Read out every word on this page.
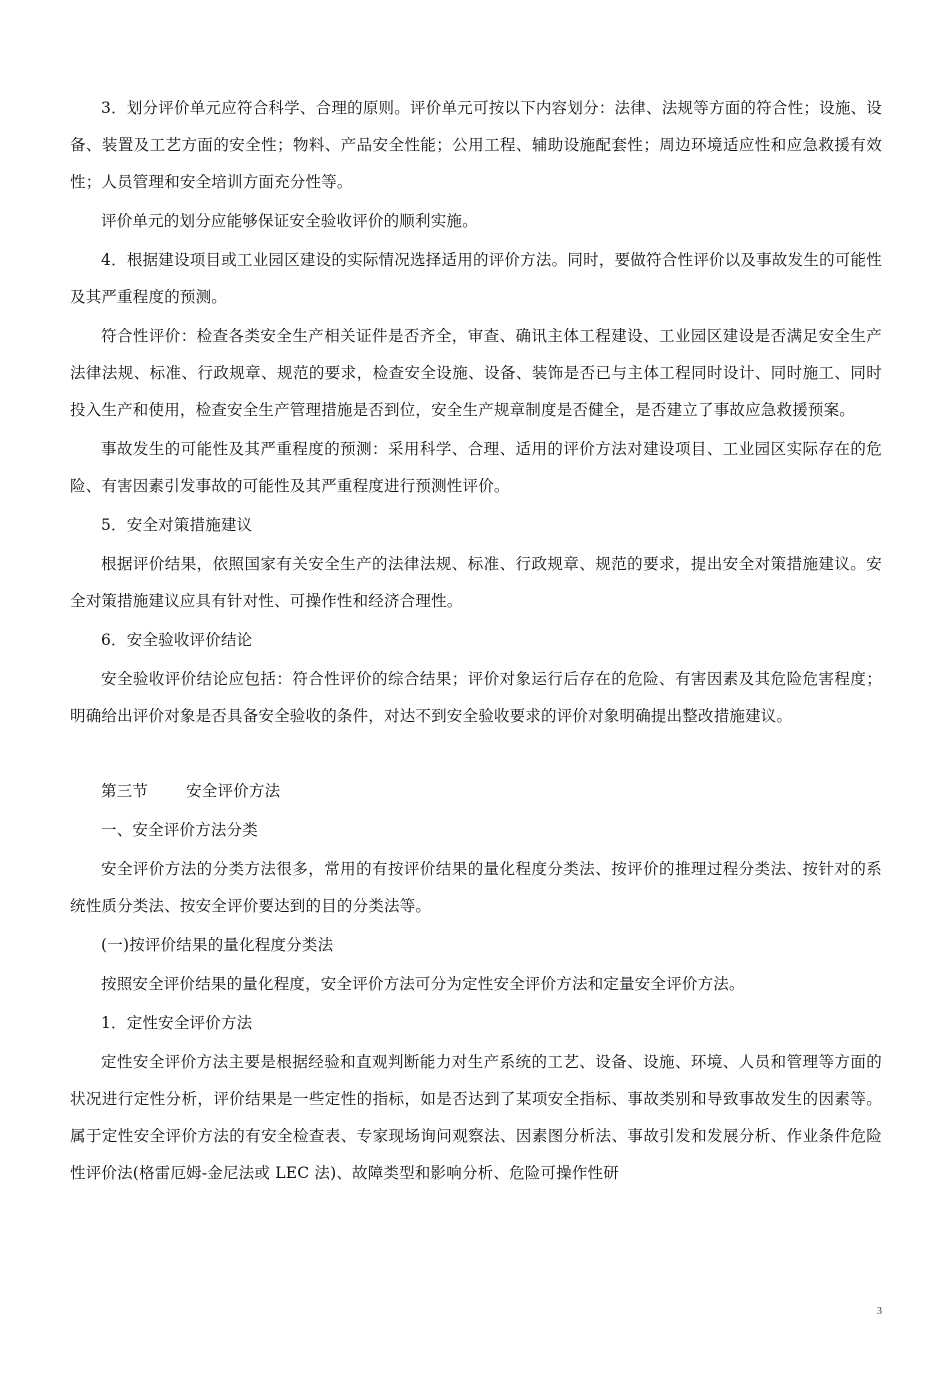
3．划分评价单元应符合科学、合理的原则。评价单元可按以下内容划分：法律、法规等方面的符合性；设施、设备、装置及工艺方面的安全性；物料、产品安全性能；公用工程、辅助设施配套性；周边环境适应性和应急救援有效性；人员管理和安全培训方面充分性等。

评价单元的划分应能够保证安全验收评价的顺利实施。

4．根据建设项目或工业园区建设的实际情况选择适用的评价方法。同时，要做符合性评价以及事故发生的可能性及其严重程度的预测。

符合性评价：检查各类安全生产相关证件是否齐全，审查、确讯主体工程建设、工业园区建设是否满足安全生产法律法规、标准、行政规章、规范的要求，检查安全设施、设备、装饰是否已与主体工程同时设计、同时施工、同时投入生产和使用，检查安全生产管理措施是否到位，安全生产规章制度是否健全，是否建立了事故应急救援预案。

事故发生的可能性及其严重程度的预测：采用科学、合理、适用的评价方法对建设项目、工业园区实际存在的危险、有害因素引发事故的可能性及其严重程度进行预测性评价。

5．安全对策措施建议

根据评价结果，依照国家有关安全生产的法律法规、标准、行政规章、规范的要求，提出安全对策措施建议。安全对策措施建议应具有针对性、可操作性和经济合理性。

6．安全验收评价结论

安全验收评价结论应包括：符合性评价的综合结果；评价对象运行后存在的危险、有害因素及其危险危害程度；明确给出评价对象是否具备安全验收的条件，对达不到安全验收要求的评价对象明确提出整改措施建议。

第三节 安全评价方法

一、安全评价方法分类

安全评价方法的分类方法很多，常用的有按评价结果的量化程度分类法、按评价的推理过程分类法、按针对的系统性质分类法、按安全评价要达到的目的分类法等。

(一)按评价结果的量化程度分类法

按照安全评价结果的量化程度，安全评价方法可分为定性安全评价方法和定量安全评价方法。

1．定性安全评价方法

定性安全评价方法主要是根据经验和直观判断能力对生产系统的工艺、设备、设施、环境、人员和管理等方面的状况进行定性分析，评价结果是一些定性的指标，如是否达到了某项安全指标、事故类别和导致事故发生的因素等。属于定性安全评价方法的有安全检查表、专家现场询问观察法、因素图分析法、事故引发和发展分析、作业条件危险性评价法(格雷厄姆-金尼法或 LEC 法)、故障类型和影响分析、危险可操作性研

3
